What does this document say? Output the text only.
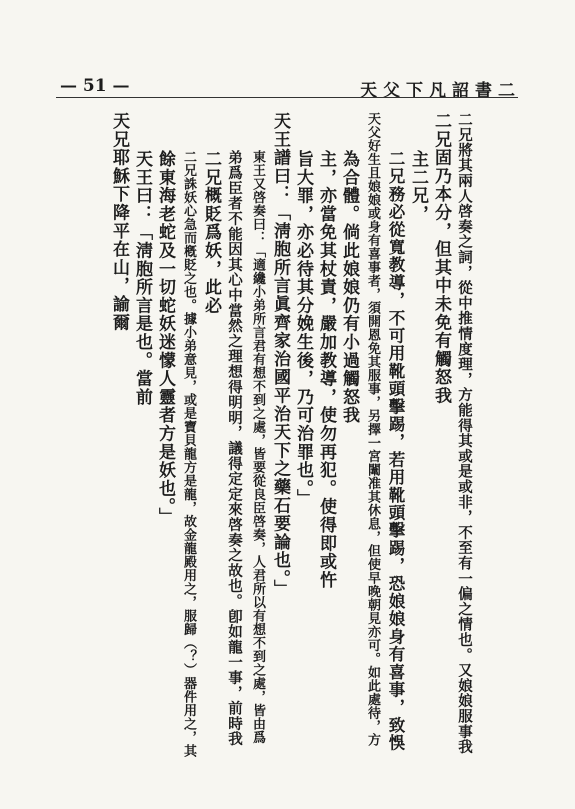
天父下凡詔書二
— 51 —
二兄將其兩人啓奏之詞，從中推情度理，方能得其或是或非，不至有一偏之情也。又娘娘服事我
二兄固乃本分，但其中未免有觸怒我
主二兄，
二兄務必從寬教導，不可用靴頭擊踢，若用靴頭擊踢，恐娘娘身有喜事，致悞
天父好生且娘娘或身有喜事者，須開恩免其服事，另擇一宮闈准其休息，但使早晚朝見亦可。如此處待，方
為合體。倘此娘娘仍有小過觸怒我
主，亦當免其杖責，嚴加教導，使勿再犯。使得即或忤
旨大罪，亦必待其分娩生後，乃可治罪也。」
天王譜曰：「淸胞所言眞齊家治國平治天下之藥石要論也。」
東王又啓奏曰：「適纔小弟所言君有想不到之處，皆要從良臣啓奏，人君所以有想不到之處，皆由爲
弟爲臣者不能因其心中當然之理想得明明，議得定定來啓奏之故也。卽如龍一事，前時我
二兄概貶爲妖，此必
二兄誅妖心急而槪貶之也。據小弟意見，或是寶貝龍方是龍，故金龍殿用之，服歸（？）器件用之，其
餘東海老蛇及一切蛇妖迷懞人靈者方是妖也。」
天王曰：「淸胞所言是也。當前
天兄耶穌下降平在山，諭爾
